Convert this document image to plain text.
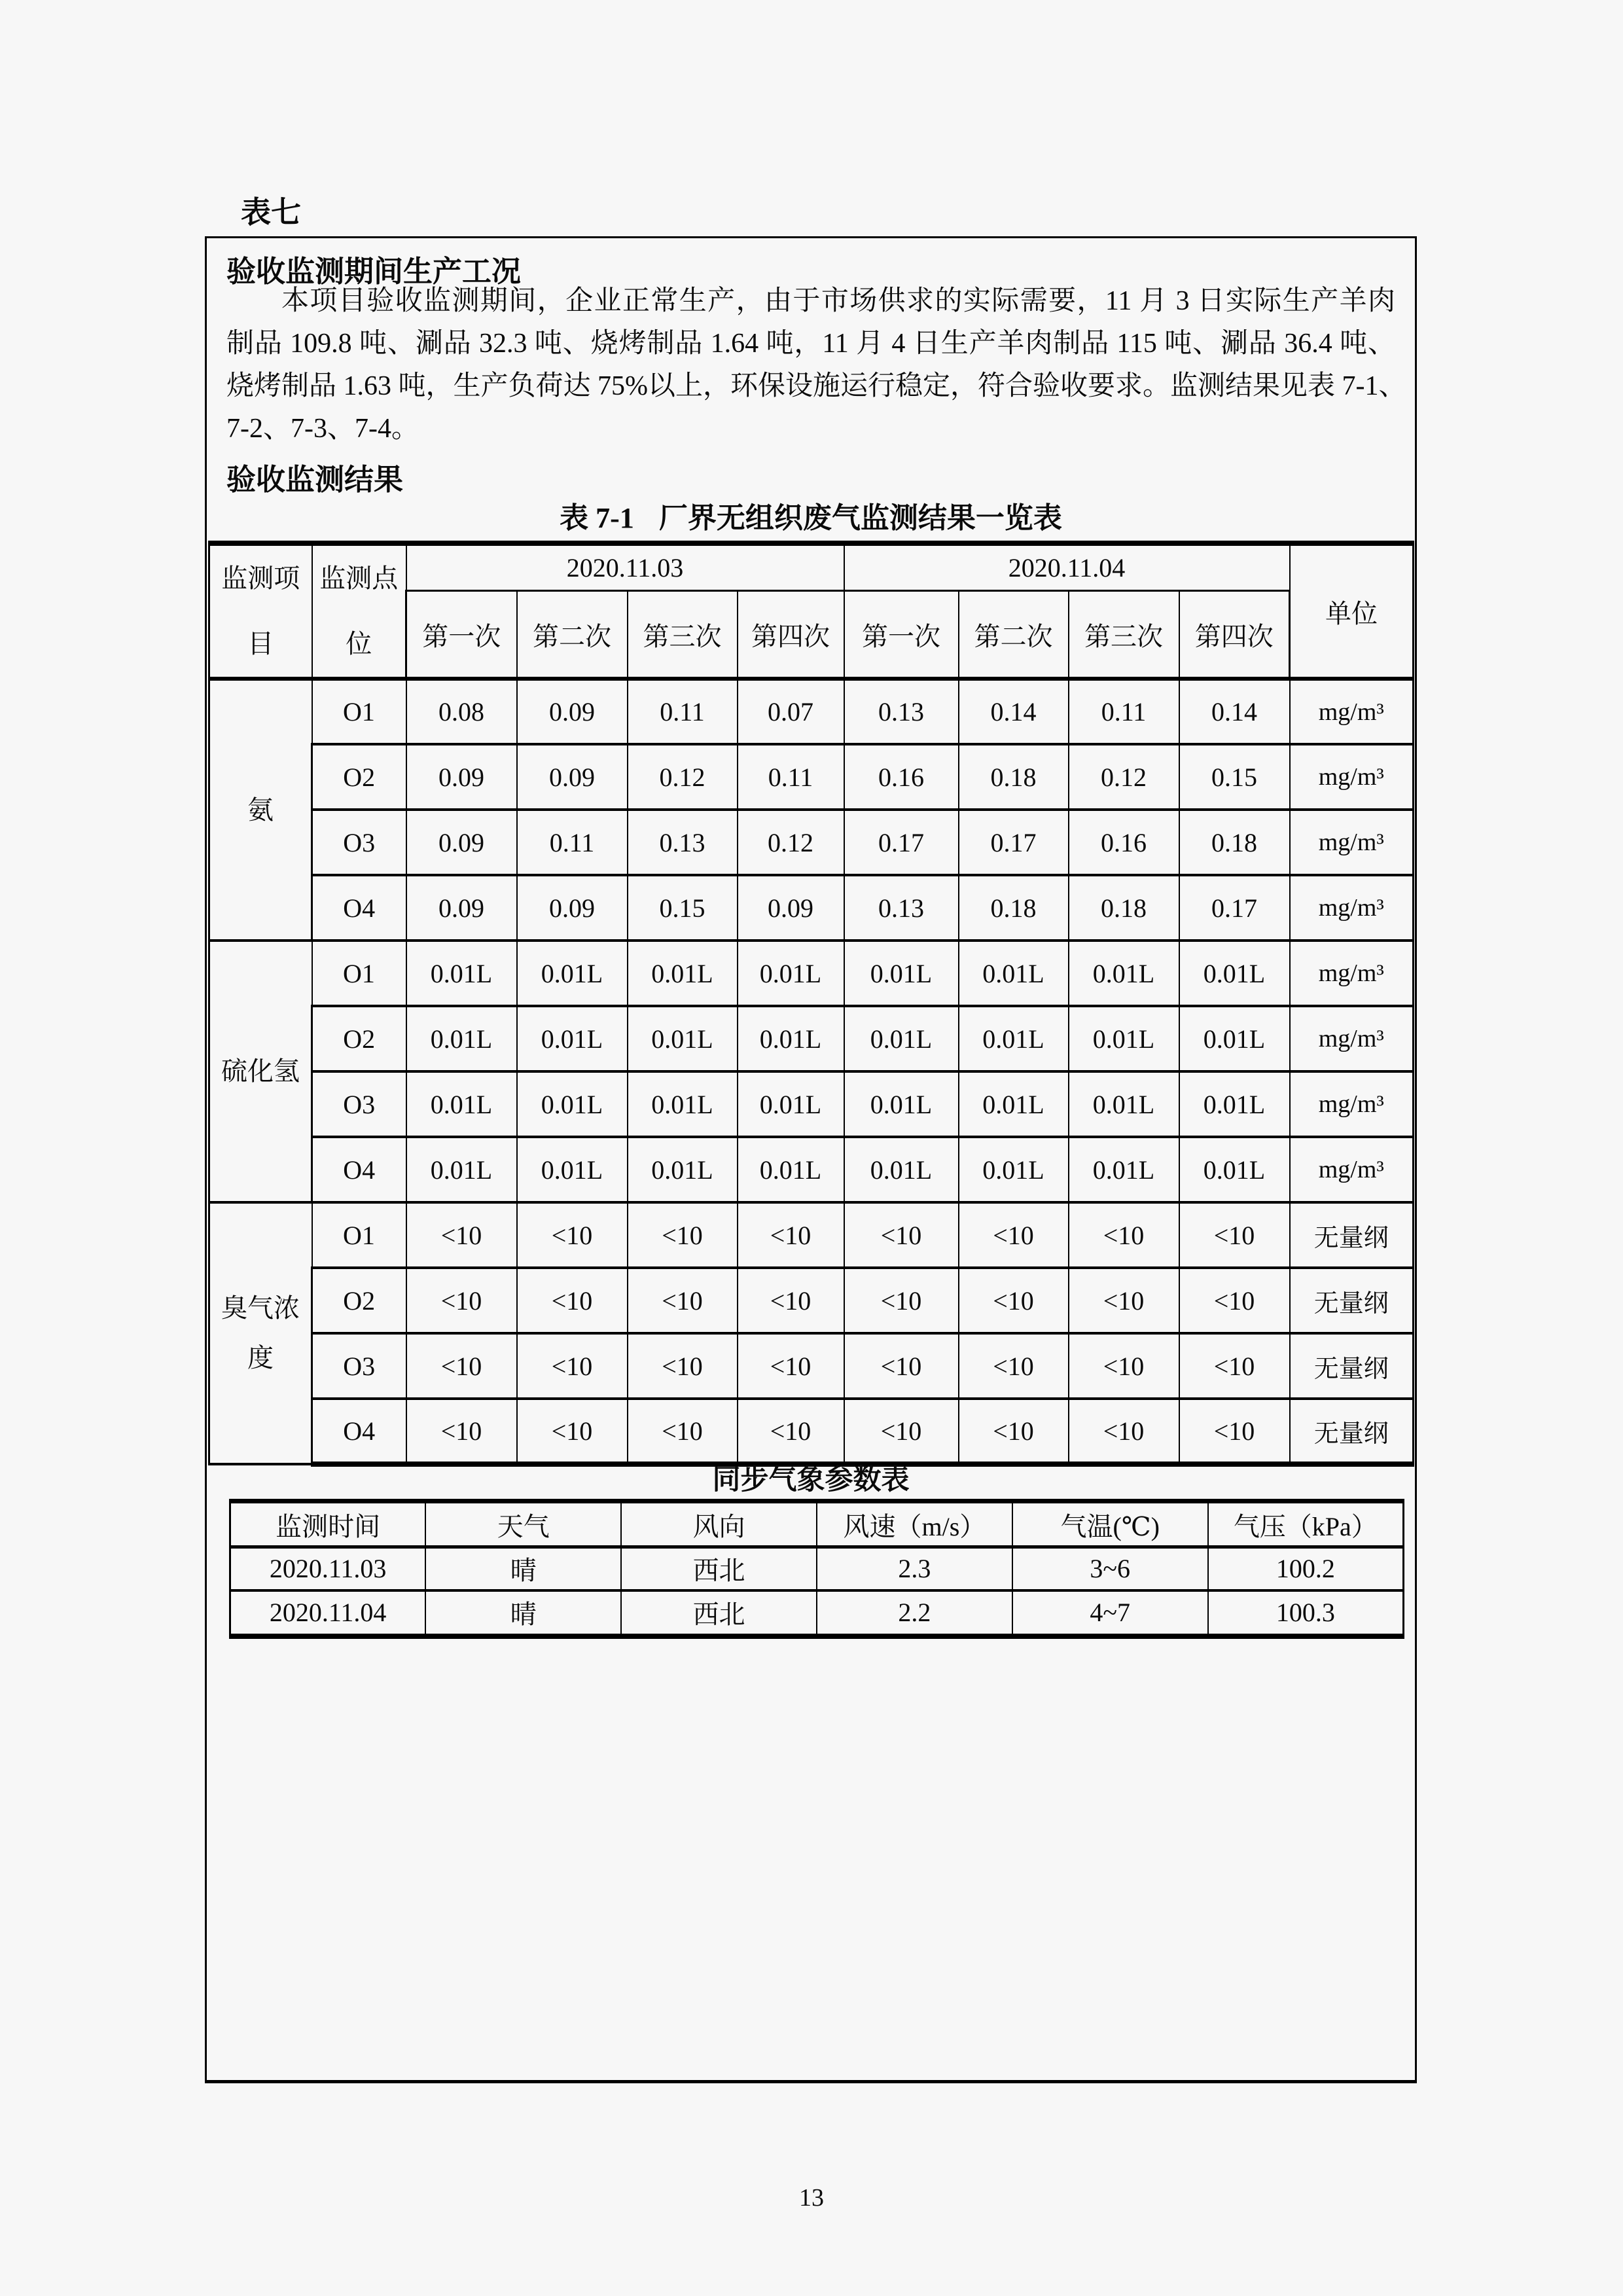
表七
验收监测期间生产工况
本项目验收监测期间，企业正常生产，由于市场供求的实际需要，11 月 3 日实际生产羊肉
制品 109.8 吨、涮品 32.3 吨、烧烤制品 1.64 吨，11 月 4 日生产羊肉制品 115 吨、涮品 36.4 吨、
烧烤制品 1.63 吨，生产负荷达 75%以上，环保设施运行稳定，符合验收要求。监测结果见表 7-1、
7-2、7-3、7-4。
验收监测结果
表 7-1 厂界无组织废气监测结果一览表
监测项目	监测点位	2020.11.03				2020.11.04				单位
		第一次	第二次	第三次	第四次	第一次	第二次	第三次	第四次	
氨	O1	0.08	0.09	0.11	0.07	0.13	0.14	0.11	0.14	mg/m³
	O2	0.09	0.09	0.12	0.11	0.16	0.18	0.12	0.15	mg/m³
	O3	0.09	0.11	0.13	0.12	0.17	0.17	0.16	0.18	mg/m³
	O4	0.09	0.09	0.15	0.09	0.13	0.18	0.18	0.17	mg/m³
硫化氢	O1	0.01L	0.01L	0.01L	0.01L	0.01L	0.01L	0.01L	0.01L	mg/m³
	O2	0.01L	0.01L	0.01L	0.01L	0.01L	0.01L	0.01L	0.01L	mg/m³
	O3	0.01L	0.01L	0.01L	0.01L	0.01L	0.01L	0.01L	0.01L	mg/m³
	O4	0.01L	0.01L	0.01L	0.01L	0.01L	0.01L	0.01L	0.01L	mg/m³
臭气浓度	O1	<10	<10	<10	<10	<10	<10	<10	<10	无量纲
	O2	<10	<10	<10	<10	<10	<10	<10	<10	无量纲
	O3	<10	<10	<10	<10	<10	<10	<10	<10	无量纲
	O4	<10	<10	<10	<10	<10	<10	<10	<10	无量纲
同步气象参数表
监测时间	天气	风向	风速（m/s）	气温(℃)	气压（kPa）
2020.11.03	晴	西北	2.3	3~6	100.2
2020.11.04	晴	西北	2.2	4~7	100.3
13
